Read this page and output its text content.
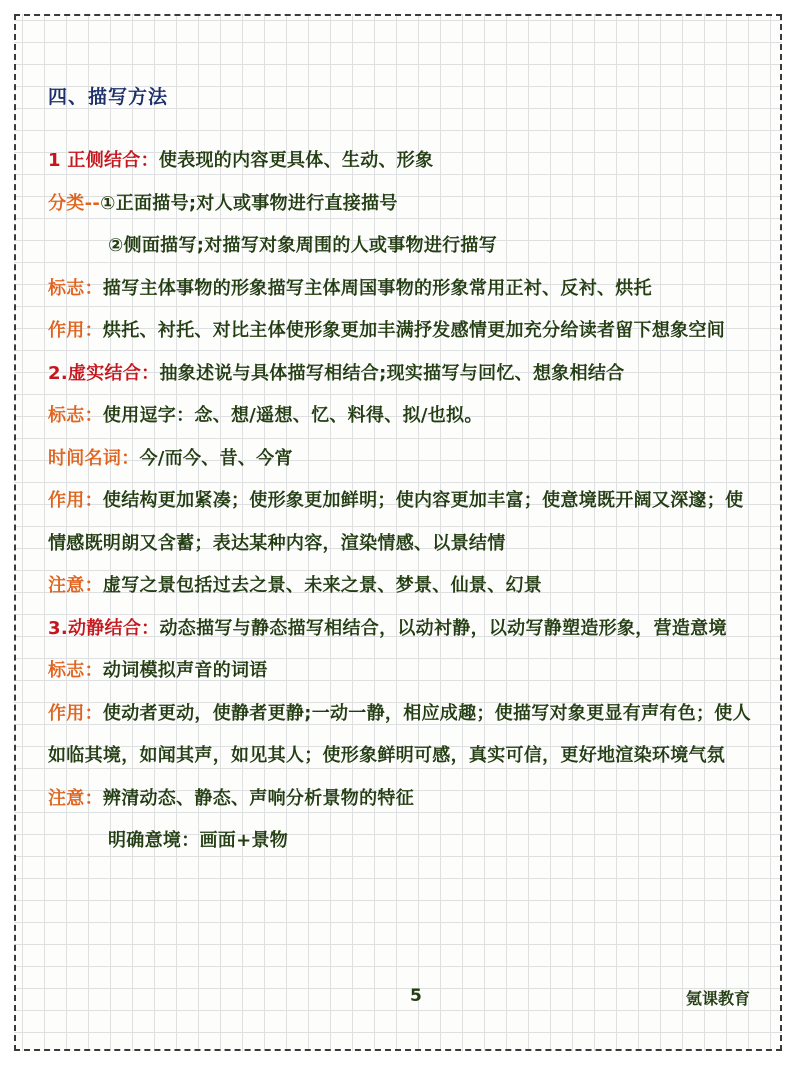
四、描写方法
1 正侧结合：使表现的内容更具体、生动、形象
分类--①正面描号;对人或事物进行直接描号
②侧面描写;对描写对象周围的人或事物进行描写
标志：描写主体事物的形象描写主体周国事物的形象常用正衬、反衬、烘托
作用：烘托、衬托、对比主体使形象更加丰满抒发感情更加充分给读者留下想象空间
2.虚实结合：抽象述说与具体描写相结合;现实描写与回忆、想象相结合
标志：使用逗字：念、想/遥想、忆、料得、拟/也拟。
时间名词：今/而今、昔、今宵
作用：使结构更加紧凑；使形象更加鲜明；使内容更加丰富；使意境既开阔又深邃；使情感既明朗又含蓄；表达某种内容，渲染情感、以景结情
注意：虚写之景包括过去之景、未来之景、梦景、仙景、幻景
3.动静结合：动态描写与静态描写相结合，以动衬静，以动写静塑造形象，营造意境
标志：动词模拟声音的词语
作用：使动者更动，使静者更静;一动一静，相应成趣；使描写对象更显有声有色；使人如临其境，如闻其声，如见其人；使形象鲜明可感，真实可信，更好地渲染环境气氛
注意：辨清动态、静态、声响分析景物的特征
明确意境：画面+景物
5	氪课教育
